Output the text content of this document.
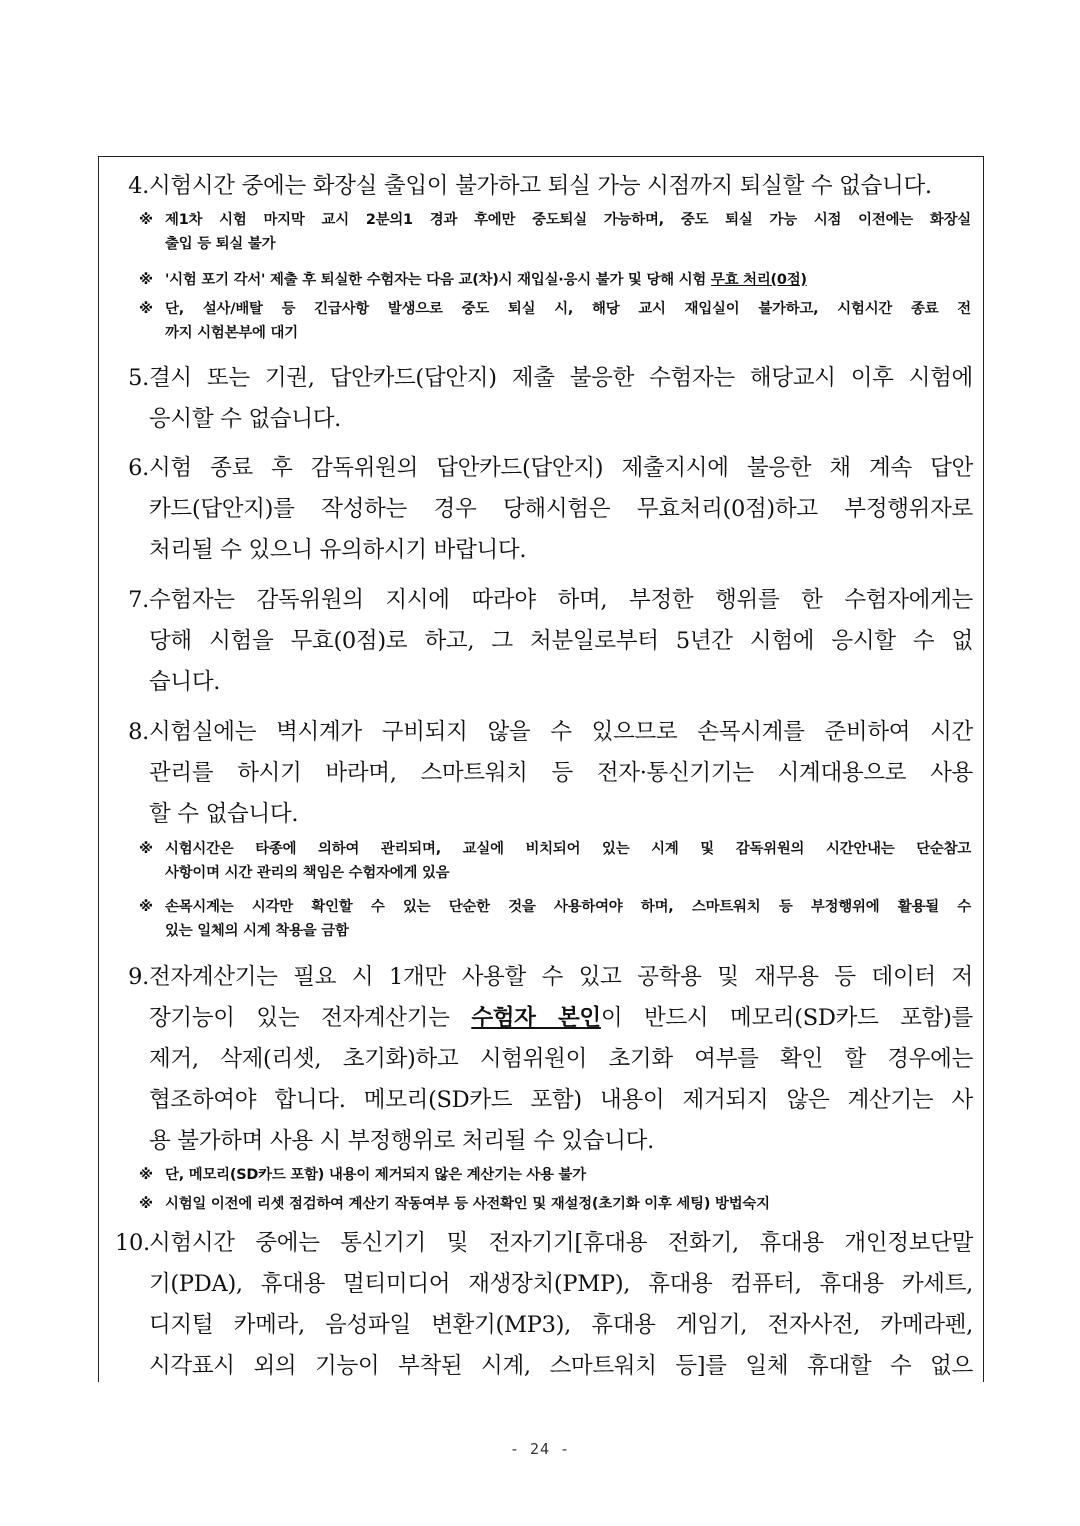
4. 시험시간 중에는 화장실 출입이 불가하고 퇴실 가능 시점까지 퇴실할 수 없습니다.
※ 제1차 시험 마지막 교시 2분의1 경과 후에만 중도퇴실 가능하며, 중도 퇴실 가능 시점 이전에는 화장실
출입 등 퇴실 불가
※ '시험 포기 각서' 제출 후 퇴실한 수험자는 다음 교(차)시 재입실·응시 불가 및 당해 시험 무효 처리(0점)
※ 단, 설사/배탈 등 긴급사항 발생으로 중도 퇴실 시, 해당 교시 재입실이 불가하고, 시험시간 종료 전
까지 시험본부에 대기
5. 결시 또는 기권, 답안카드(답안지) 제출 불응한 수험자는 해당교시 이후 시험에
응시할 수 없습니다.
6. 시험 종료 후 감독위원의 답안카드(답안지) 제출지시에 불응한 채 계속 답안
카드(답안지)를 작성하는 경우 당해시험은 무효처리(0점)하고 부정행위자로
처리될 수 있으니 유의하시기 바랍니다.
7. 수험자는 감독위원의 지시에 따라야 하며, 부정한 행위를 한 수험자에게는
당해 시험을 무효(0점)로 하고, 그 처분일로부터 5년간 시험에 응시할 수 없
습니다.
8. 시험실에는 벽시계가 구비되지 않을 수 있으므로 손목시계를 준비하여 시간
관리를 하시기 바라며, 스마트워치 등 전자·통신기기는 시계대용으로 사용
할 수 없습니다.
※ 시험시간은 타종에 의하여 관리되며, 교실에 비치되어 있는 시계 및 감독위원의 시간안내는 단순참고
사항이며 시간 관리의 책임은 수험자에게 있음
※ 손목시계는 시각만 확인할 수 있는 단순한 것을 사용하여야 하며, 스마트워치 등 부정행위에 활용될 수
있는 일체의 시계 착용을 금함
9. 전자계산기는 필요 시 1개만 사용할 수 있고 공학용 및 재무용 등 데이터 저
장기능이 있는 전자계산기는 수험자 본인이 반드시 메모리(SD카드 포함)를
제거, 삭제(리셋, 초기화)하고 시험위원이 초기화 여부를 확인 할 경우에는
협조하여야 합니다. 메모리(SD카드 포함) 내용이 제거되지 않은 계산기는 사
용 불가하며 사용 시 부정행위로 처리될 수 있습니다.
※ 단, 메모리(SD카드 포함) 내용이 제거되지 않은 계산기는 사용 불가
※ 시험일 이전에 리셋 점검하여 계산기 작동여부 등 사전확인 및 재설정(초기화 이후 세팅) 방법숙지
10. 시험시간 중에는 통신기기 및 전자기기[휴대용 전화기, 휴대용 개인정보단말
기(PDA), 휴대용 멀티미디어 재생장치(PMP), 휴대용 컴퓨터, 휴대용 카세트,
디지털 카메라, 음성파일 변환기(MP3), 휴대용 게임기, 전자사전, 카메라펜,
시각표시 외의 기능이 부착된 시계, 스마트워치 등]를 일체 휴대할 수 없으
- 24 -
